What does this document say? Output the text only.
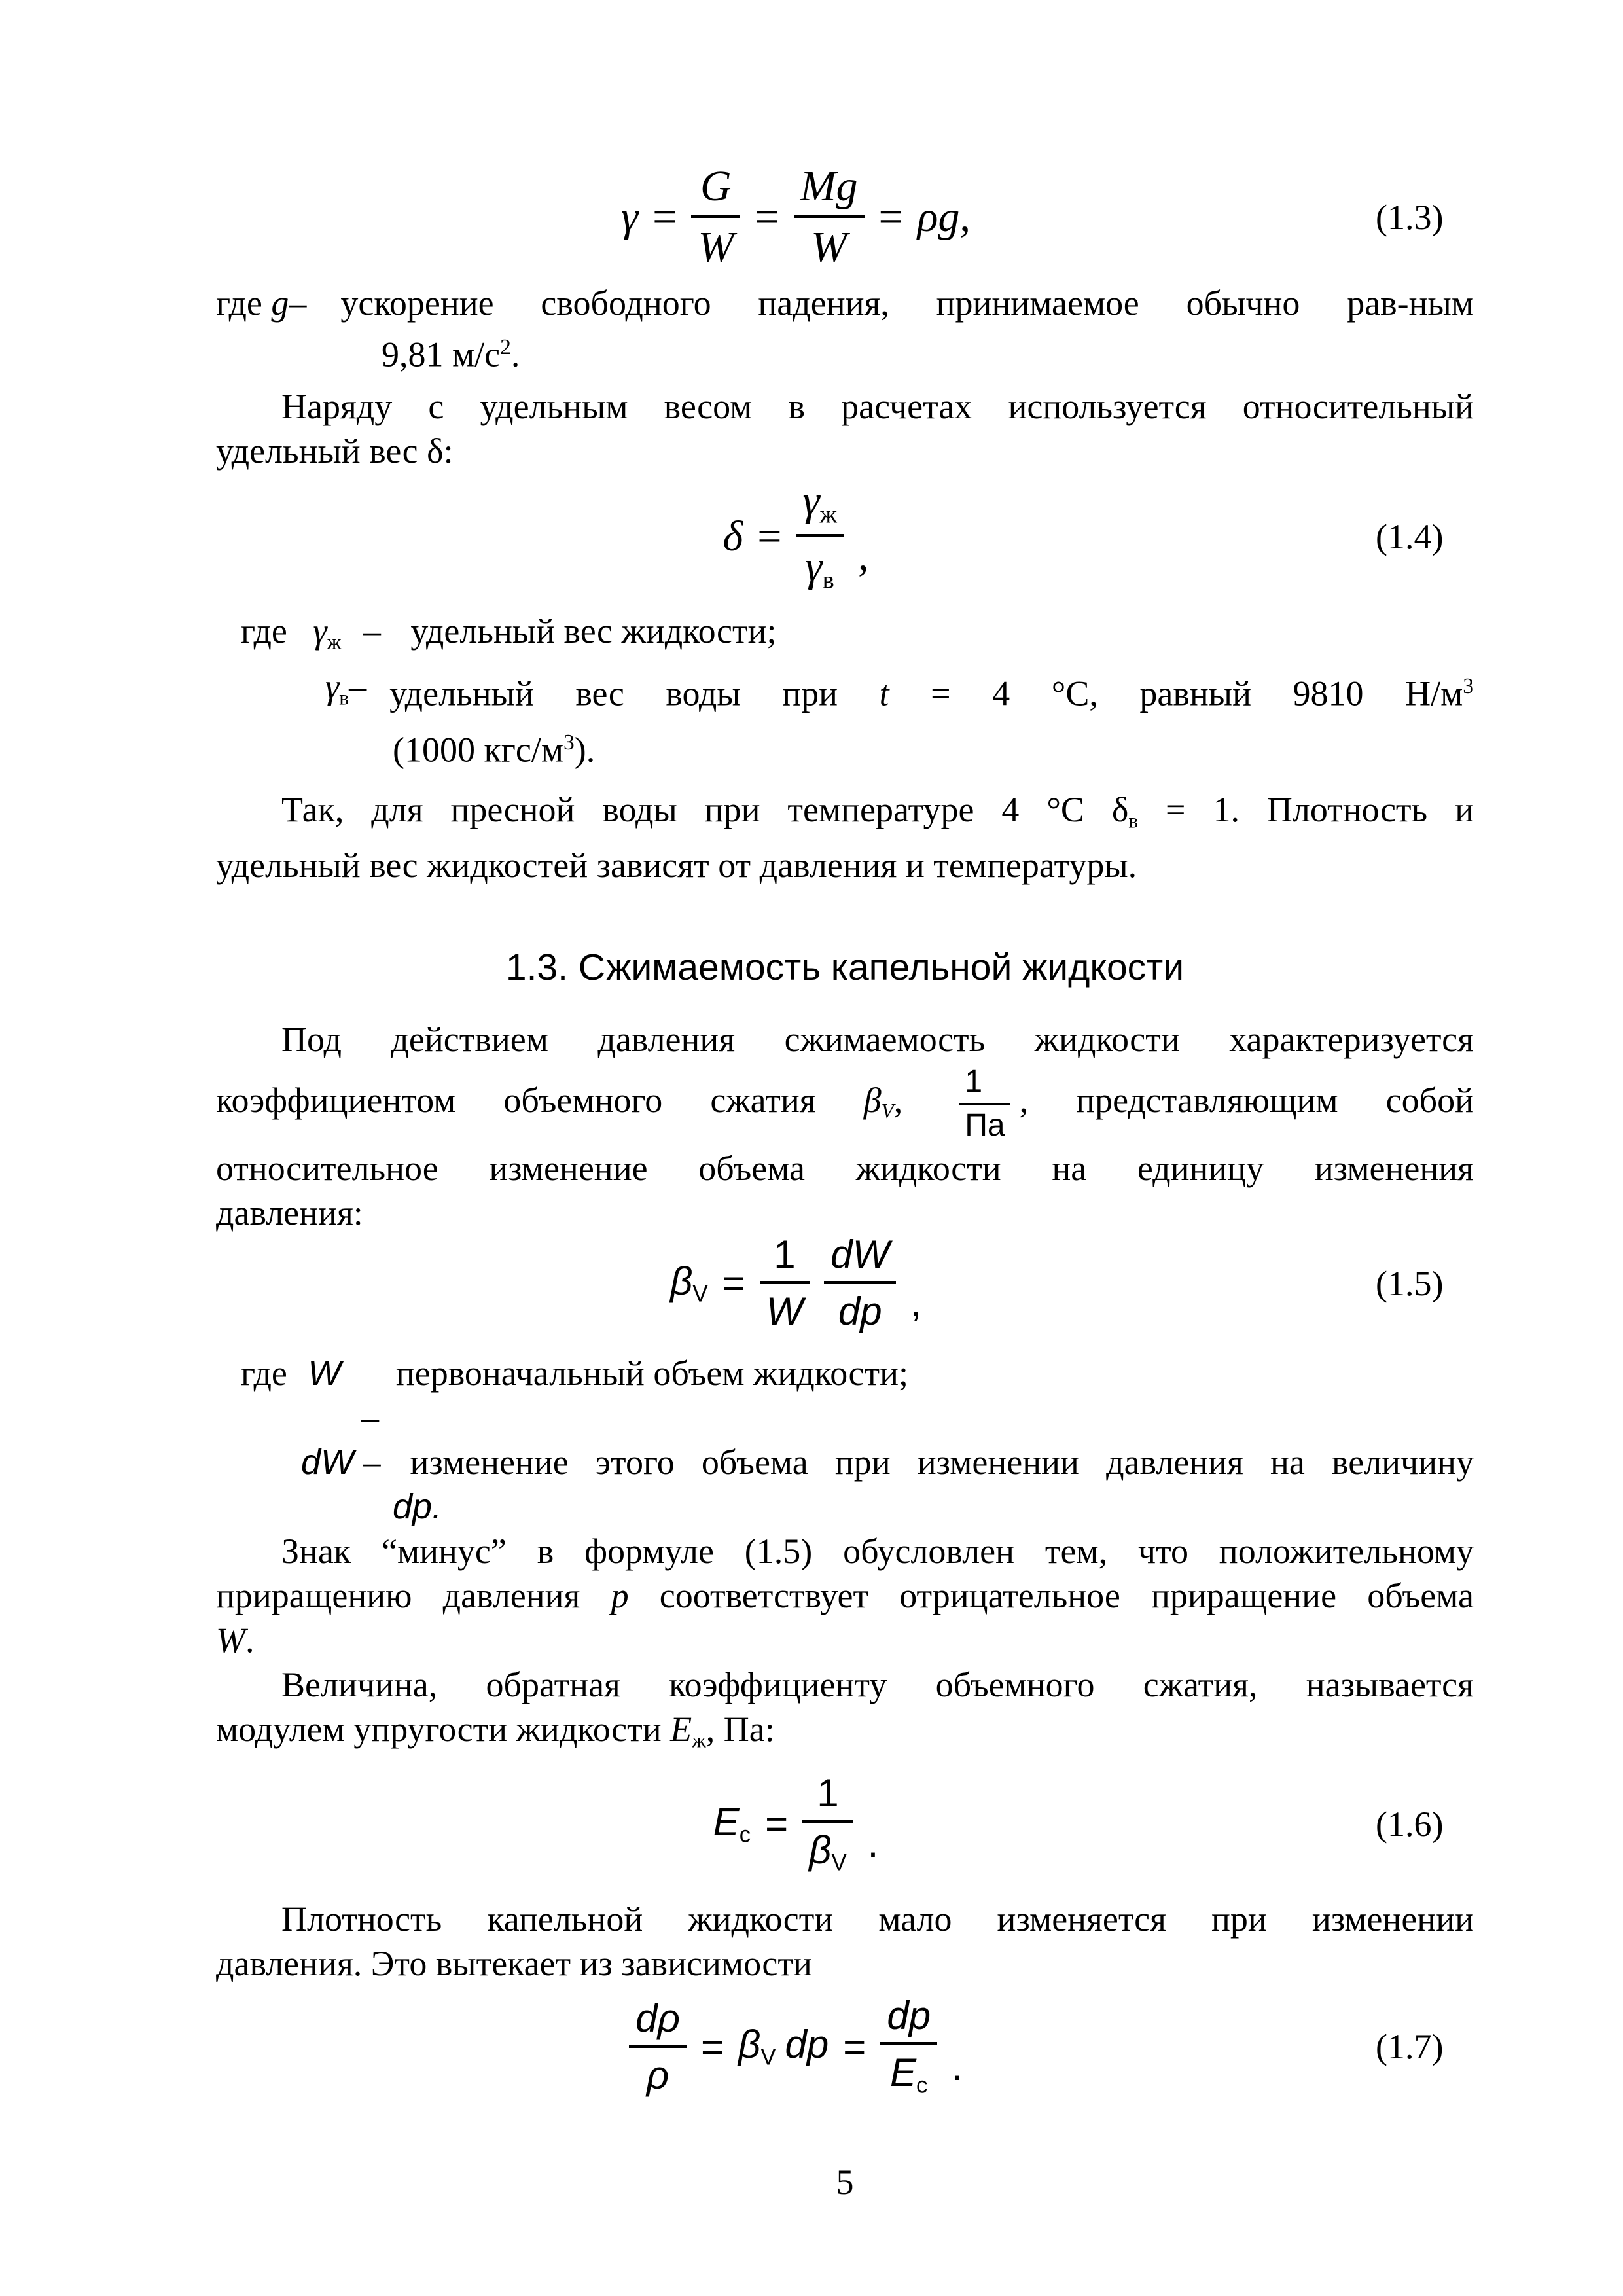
$\gamma = \frac{G}{W} = \frac{Mg}{W} = \rho g$,	(1.3)
где g– ускорение свободного падения, принимаемое обычно рав-ным
9,81 $м/с^2$.
Наряду с удельным весом в расчетах используется относительный
удельный вес δ:
$\delta = \frac{\gamma ж}{\gamma в}$ ,	(1.4)
где γж – удельный вес жидкости;
γв– удельный вес воды при t = 4 °С, равный 9810 $Н/м^3$
(1000 кгс/$м^3$).
Так, для пресной воды при температуре 4 °С δв = 1. Плотность и
удельный вес жидкостей зависят от давления и температуры.
1.3. Сжимаемость капельной жидкости
Под действием давления сжимаемость жидкости характеризуется
коэффициентом объемного сжатия βV, 1
Па
, представляющим собой
относительное изменение объема жидкости на единицу изменения
давления:
$\beta V = \frac{1}{W} \frac{dW}{dp}$ ,	(1.5)
где W первоначальный объем жидкости;
–
dW – изменение этого объема при изменении давления на величину
dp.
Знак “минус” в формуле (1.5) обусловлен тем, что положительному
приращению давления p соответствует отрицательное приращение объема
W.
Величина, обратная коэффициенту объемного сжатия, называется
модулем упругости жидкости Eж, Па:
$Ec = \frac{1}{\beta V}$ .	(1.6)
Плотность капельной жидкости мало изменяется при изменении
давления. Это вытекает из зависимости
$\frac{d\rho}{\rho} = \beta V$ dp = $\frac{dp}{Ec}$ .	(1.7)
5
